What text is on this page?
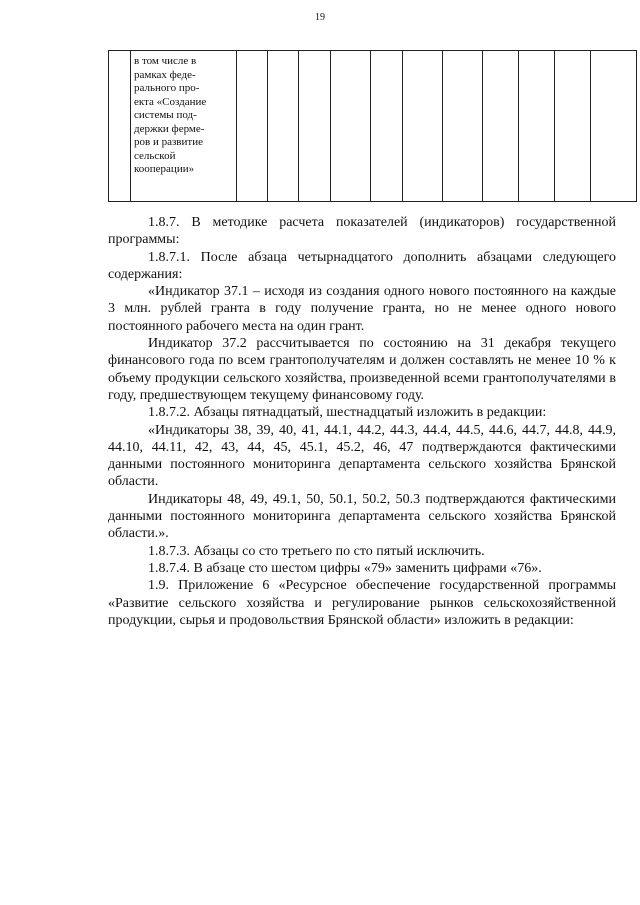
19
	в том числе в
рамках феде-
рального про-
екта «Создание
системы под-
держки ферме-
ров и развитие
сельской
кооперации»											

1.8.7. В методике расчета показателей (индикаторов) государственной программы:

1.8.7.1. После абзаца четырнадцатого дополнить абзацами следующего содержания:

«Индикатор 37.1 – исходя из создания одного нового постоянного на каждые 3 млн. рублей гранта в году получение гранта, но не менее одного нового постоянного рабочего места на один грант.

Индикатор 37.2 рассчитывается по состоянию на 31 декабря текущего финансового года по всем грантополучателям и должен составлять не менее 10 % к объему продукции сельского хозяйства, произведенной всеми грантополучателями в году, предшествующем текущему финансовому году.

1.8.7.2. Абзацы пятнадцатый, шестнадцатый изложить в редакции:

«Индикаторы 38, 39, 40, 41, 44.1, 44.2, 44.3, 44.4, 44.5, 44.6, 44.7, 44.8, 44.9, 44.10, 44.11, 42, 43, 44, 45, 45.1, 45.2, 46, 47 подтверждаются фактическими данными постоянного мониторинга департамента сельского хозяйства Брянской области.

Индикаторы 48, 49, 49.1, 50, 50.1, 50.2, 50.3 подтверждаются фактическими данными постоянного мониторинга департамента сельского хозяйства Брянской области.».

1.8.7.3. Абзацы со сто третьего по сто пятый исключить.

1.8.7.4. В абзаце сто шестом цифры «79» заменить цифрами «76».

1.9. Приложение 6 «Ресурсное обеспечение государственной программы «Развитие сельского хозяйства и регулирование рынков сельскохозяйственной продукции, сырья и продовольствия Брянской области» изложить в редакции:
